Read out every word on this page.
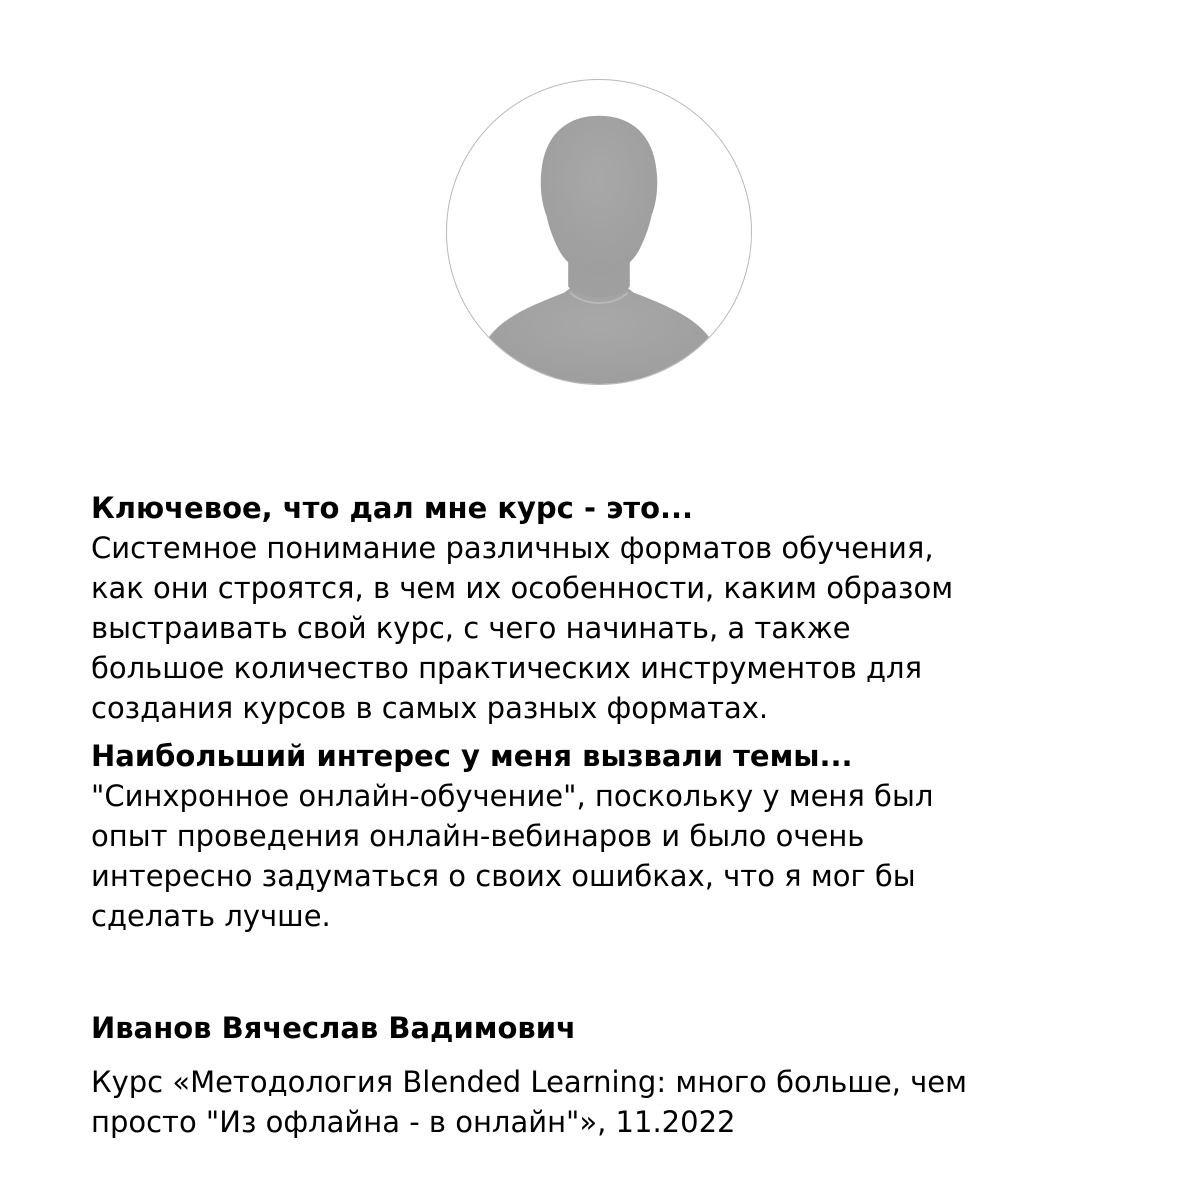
Ключевое, что дал мне курс - это...

Системное понимание различных форматов обучения,
как они строятся, в чем их особенности, каким образом
выстраивать свой курс, с чего начинать, а также
большое количество практических инструментов для
создания курсов в самых разных форматах.

Наибольший интерес у меня вызвали темы...

"Синхронное онлайн-обучение", поскольку у меня был
опыт проведения онлайн-вебинаров и было очень
интересно задуматься о своих ошибках, что я мог бы
сделать лучше.

Иванов Вячеслав Вадимович

Курс «Методология Blended Learning: много больше, чем
просто "Из офлайна - в онлайн"», 11.2022
